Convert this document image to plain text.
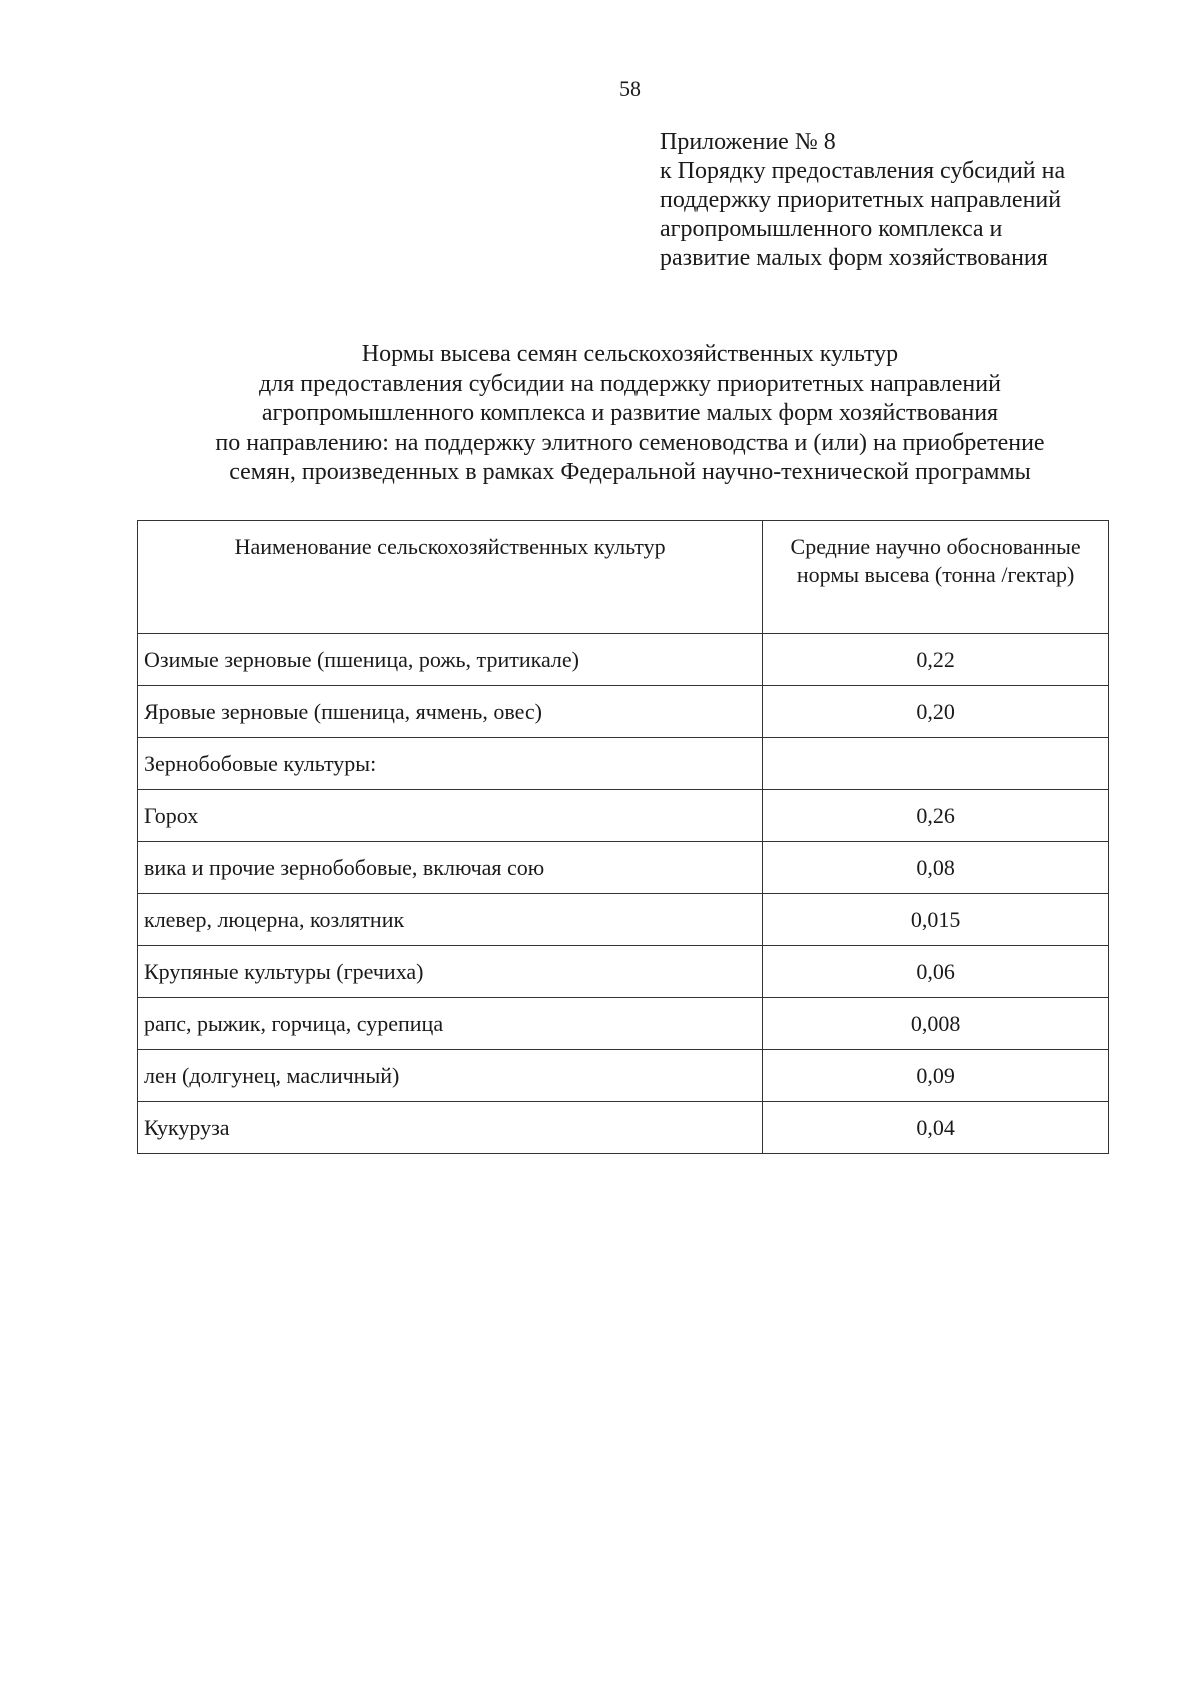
58
Приложение № 8
к Порядку предоставления субсидий на
поддержку приоритетных направлений
агропромышленного комплекса и
развитие малых форм хозяйствования
Нормы высева семян сельскохозяйственных культур
для предоставления субсидии на поддержку приоритетных направлений
агропромышленного комплекса и развитие малых форм хозяйствования
по направлению: на поддержку элитного семеноводства и (или) на приобретение
семян, произведенных в рамках Федеральной научно-технической программы
Наименование сельскохозяйственных культур	Средние научно обоснованные
нормы высева (тонна /гектар)

Озимые зерновые (пшеница, рожь, тритикале)	0,22
Яровые зерновые (пшеница, ячмень, овес)	0,20
Зернобобовые культуры:	
Горох	0,26
вика и прочие зернобобовые, включая сою	0,08
клевер, люцерна, козлятник	0,015
Крупяные культуры (гречиха)	0,06
рапс, рыжик, горчица, сурепица	0,008
лен (долгунец, масличный)	0,09
Кукуруза	0,04
